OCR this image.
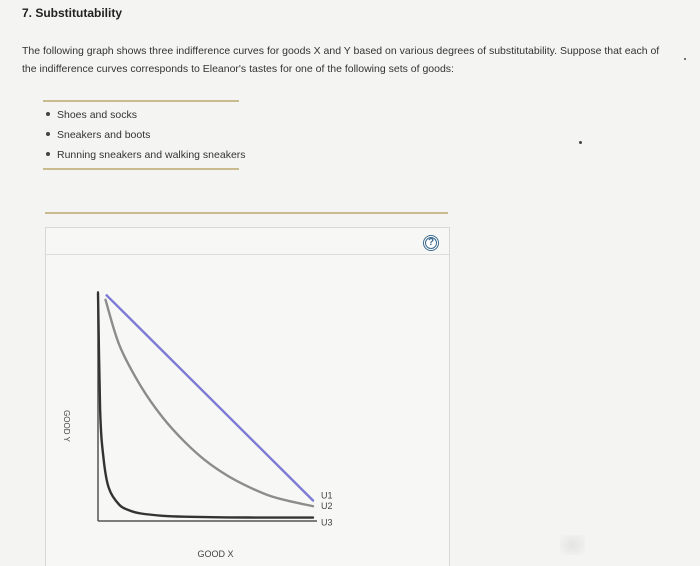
7. Substitutability
The following graph shows three indifference curves for goods X and Y based on various degrees of substitutability. Suppose that each of the indifference curves corresponds to Eleanor's tastes for one of the following sets of goods:
Shoes and socks
Sneakers and boots
Running sneakers and walking sneakers
?
U1
U2
U3
GOOD X
GOOD Y
